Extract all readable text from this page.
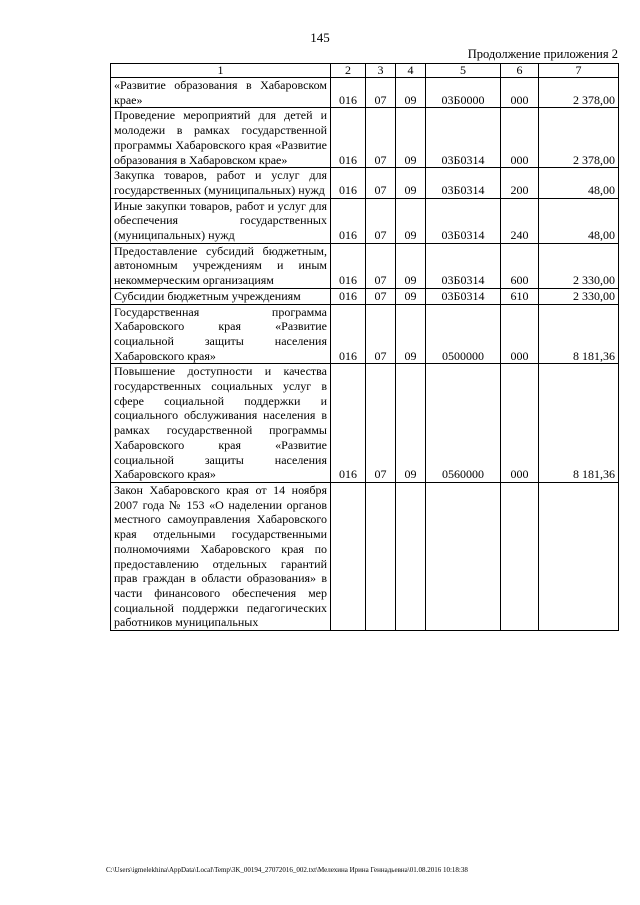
145
Продолжение приложения 2
1	2	3	4	5	6	7
«Развитие образования в Хабаровском крае»	016	07	09	03Б0000	000	2 378,00
Проведение мероприятий для детей и молодежи в рамках государственной программы Хабаровского края «Развитие образования в Хабаровском крае»	016	07	09	03Б0314	000	2 378,00
Закупка товаров, работ и услуг для государственных (муниципальных) нужд	016	07	09	03Б0314	200	48,00
Иные закупки товаров, работ и услуг для обеспечения государственных (муниципальных) нужд	016	07	09	03Б0314	240	48,00
Предоставление субсидий бюджетным, автономным учреждениям и иным некоммерческим организациям	016	07	09	03Б0314	600	2 330,00
Субсидии бюджетным учреждениям	016	07	09	03Б0314	610	2 330,00
Государственная программа Хабаровского края «Развитие социальной защиты населения Хабаровского края»	016	07	09	0500000	000	8 181,36
Повышение доступности и качества государственных социальных услуг в сфере социальной поддержки и социального обслуживания населения в рамках государственной программы Хабаровского края «Развитие социальной защиты населения Хабаровского края»	016	07	09	0560000	000	8 181,36
Закон Хабаровского края от 14 ноября 2007 года № 153 «О наделении органов местного самоуправления Хабаровского края отдельными государственными полномочиями Хабаровского края по предоставлению отдельных гарантий прав граждан в области образования» в части финансового обеспечения мер социальной поддержки педагогических работников муниципальных						
C:\Users\igmelekhina\AppData\Local\Temp\3K_00194_27072016_002.txt\Мелехина Ирина Геннадьевна\01.08.2016 10:18:38
